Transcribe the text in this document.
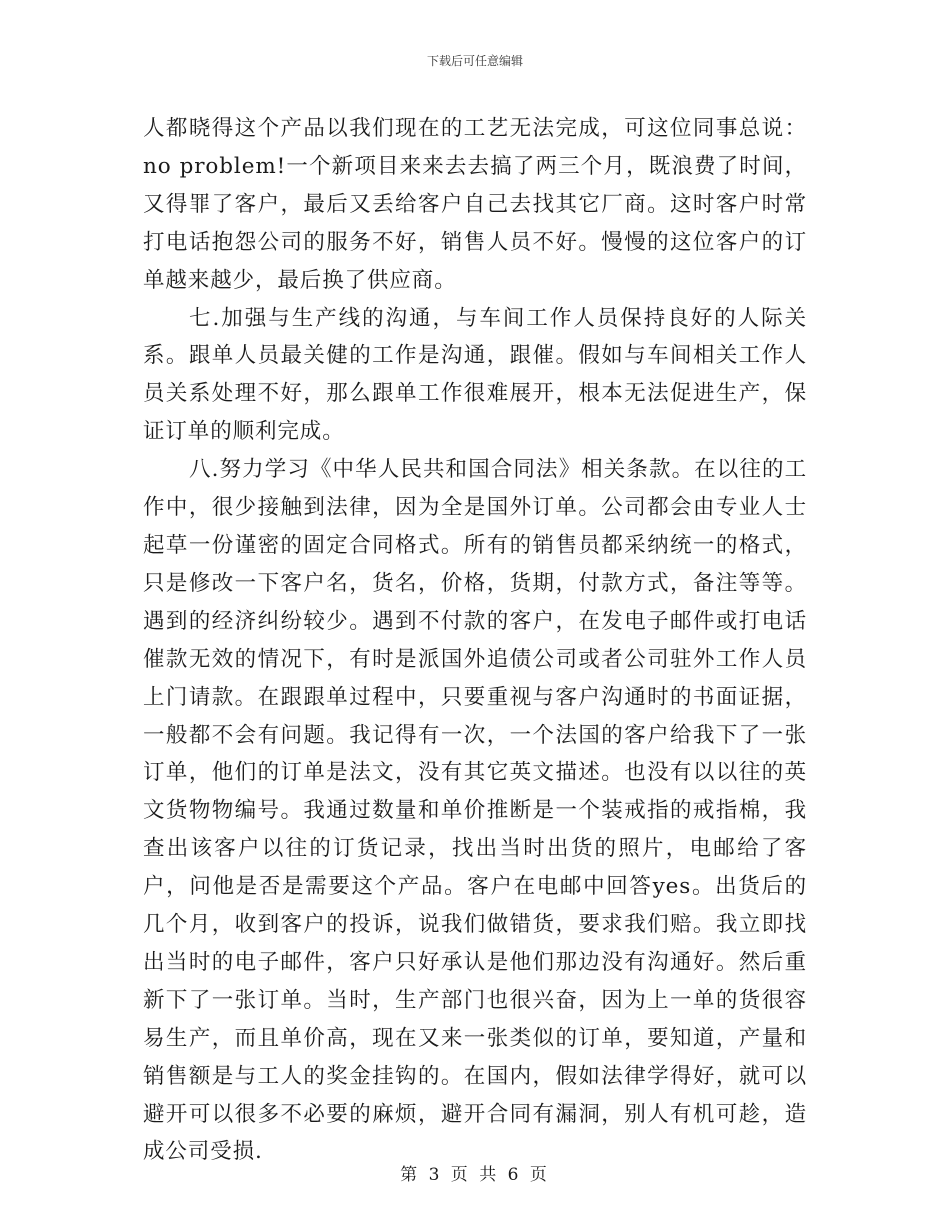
下载后可任意编辑

人都晓得这个产品以我们现在的工艺无法完成，可这位同事总说：no problem!一个新项目来来去去搞了两三个月，既浪费了时间，又得罪了客户，最后又丢给客户自己去找其它厂商。这时客户时常打电话抱怨公司的服务不好，销售人员不好。慢慢的这位客户的订单越来越少，最后换了供应商。

七.加强与生产线的沟通，与车间工作人员保持良好的人际关系。跟单人员最关健的工作是沟通，跟催。假如与车间相关工作人员关系处理不好，那么跟单工作很难展开，根本无法促进生产，保证订单的顺利完成。

八.努力学习《中华人民共和国合同法》相关条款。在以往的工作中，很少接触到法律，因为全是国外订单。公司都会由专业人士起草一份谨密的固定合同格式。所有的销售员都采纳统一的格式，只是修改一下客户名，货名，价格，货期，付款方式，备注等等。遇到的经济纠纷较少。遇到不付款的客户，在发电子邮件或打电话催款无效的情况下，有时是派国外追债公司或者公司驻外工作人员上门请款。在跟跟单过程中，只要重视与客户沟通时的书面证据，一般都不会有问题。我记得有一次，一个法国的客户给我下了一张订单，他们的订单是法文，没有其它英文描述。也没有以以往的英文货物物编号。我通过数量和单价推断是一个装戒指的戒指棉，我查出该客户以往的订货记录，找出当时出货的照片，电邮给了客户，问他是否是需要这个产品。客户在电邮中回答yes。出货后的几个月，收到客户的投诉，说我们做错货，要求我们赔。我立即找出当时的电子邮件，客户只好承认是他们那边没有沟通好。然后重新下了一张订单。当时，生产部门也很兴奋，因为上一单的货很容易生产，而且单价高，现在又来一张类似的订单，要知道，产量和销售额是与工人的奖金挂钩的。在国内，假如法律学得好，就可以避开可以很多不必要的麻烦，避开合同有漏洞，别人有机可趁，造成公司受损.

第 3 页 共 6 页
